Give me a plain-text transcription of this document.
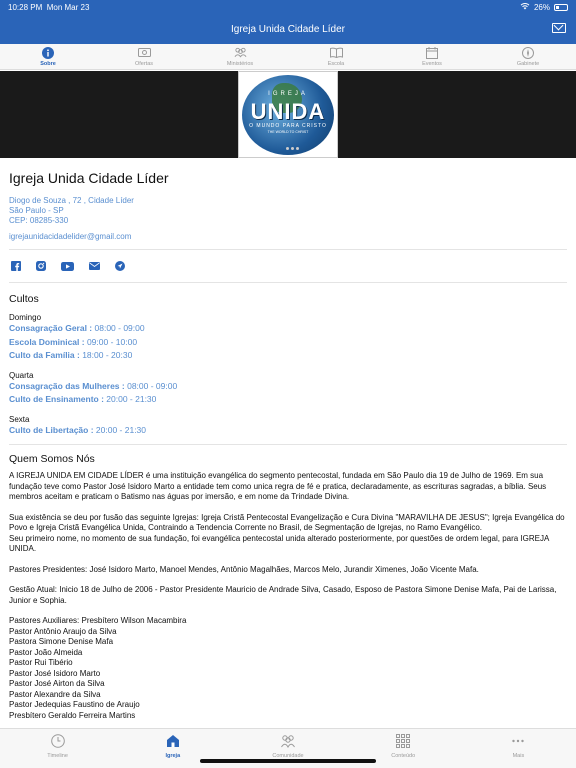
10:28 PM Mon Mar 23	26%
Igreja Unida Cidade Líder
Sobre	Ofertas	Ministérios	Escola	Eventos	Gabinete
IGREJA
UNIDA
O MUNDO PARA CRISTO
THE WORLD TO CHRIST
Igreja Unida Cidade Líder
Diogo de Souza , 72 , Cidade Líder
São Paulo - SP
CEP: 08285-330
igrejaunidacidadelider@gmail.com
Cultos
Domingo
Consagração Geral : 08:00 - 09:00
Escola Dominical : 09:00 - 10:00
Culto da Família : 18:00 - 20:30
Quarta
Consagração das Mulheres : 08:00 - 09:00
Culto de Ensinamento : 20:00 - 21:30
Sexta
Culto de Libertação : 20:00 - 21:30
Quem Somos Nós
A IGREJA UNIDA EM CIDADE LÍDER é uma instituição evangélica do segmento pentecostal, fundada em São Paulo dia 19 de Julho de 1969. Em sua fundação teve como Pastor José Isidoro Marto a entidade tem como unica regra de fé e pratica, declaradamente, as escrituras sagradas, a bíblia. Seus membros aceitam e praticam o Batismo nas águas por imersão, e em nome da Trindade Divina.
Sua existência se deu por fusão das seguinte Igrejas: Igreja Cristã Pentecostal Evangelização e Cura Divina "MARAVILHA DE JESUS"; Igreja Evangélica do Povo e Igreja Cristã Evangélica Unida, Contraindo a Tendencia Corrente no Brasil, de Segmentação de Igrejas, no Ramo Evangélico.
Seu primeiro nome, no momento de sua fundação, foi evangélica pentecostal unida alterado posteriormente, por questões de ordem legal, para IGREJA UNIDA.
Pastores Presidentes: José Isidoro Marto, Manoel Mendes, Antônio Magalhães, Marcos Melo, Jurandir Ximenes, João Vicente Mafa.
Gestão Atual: Inicio 18 de Julho de 2006 - Pastor Presidente Mauricio de Andrade Silva, Casado, Esposo de Pastora Simone Denise Mafa, Pai de Larissa, Junior e Sophia.
Pastores Auxiliares: Presbítero Wilson Macambira
Pastor Antônio Araujo da Silva
Pastora Simone Denise Mafa
Pastor João Almeida
Pastor Rui Tibério
Pastor José Isidoro Marto
Pastor José Airton da Silva
Pastor Alexandre da Silva
Pastor Jedequias Faustino de Araujo
Presbítero Geraldo Ferreira Martins
Timeline	Igreja	Comunidade	Conteúdo	Mais
